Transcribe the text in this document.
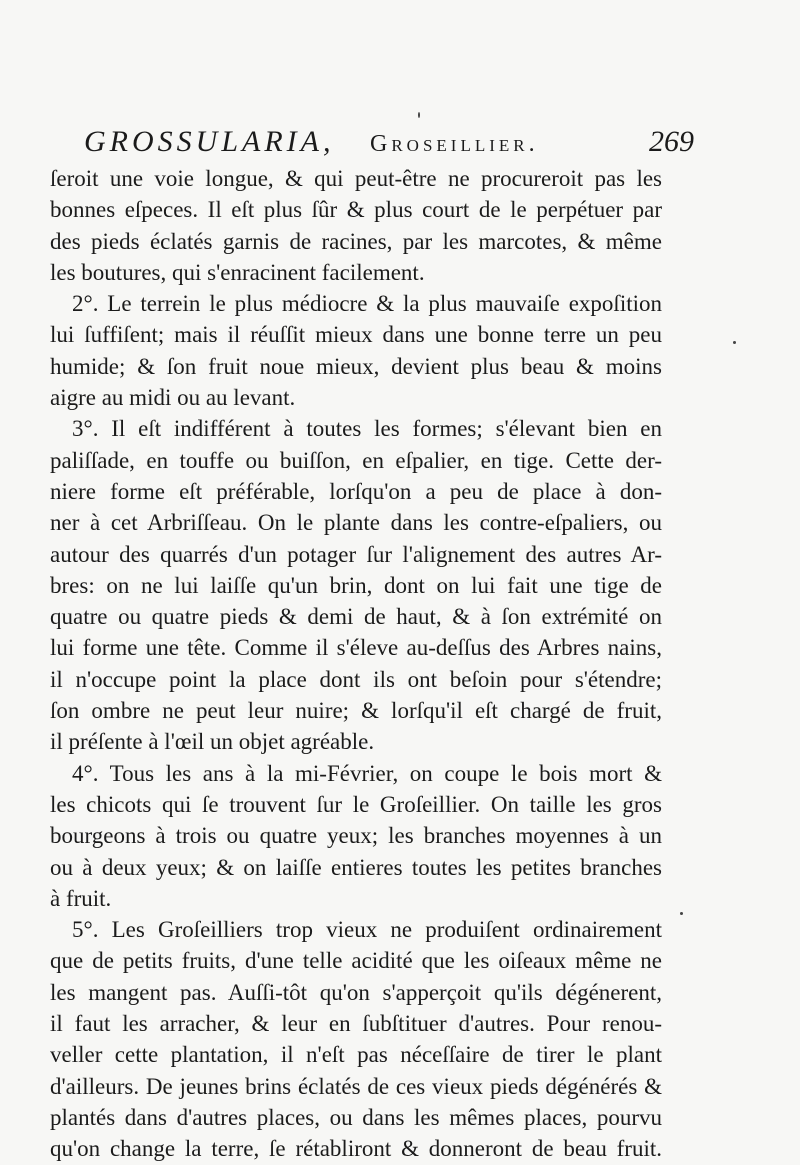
GROSSULARIA, Groseillier.	269
ſeroit une voie longue, & qui peut-être ne procureroit pas les
bonnes eſpeces. Il eſt plus ſûr & plus court de le perpétuer par
des pieds éclatés garnis de racines, par les marcotes, & même
les boutures, qui s'enracinent facilement.
2°. Le terrein le plus médiocre & la plus mauvaiſe expoſition
lui ſuffiſent; mais il réuſſit mieux dans une bonne terre un peu
humide; & ſon fruit noue mieux, devient plus beau & moins
aigre au midi ou au levant.
3°. Il eſt indifférent à toutes les formes; s'élevant bien en
paliſſade, en touffe ou buiſſon, en eſpalier, en tige. Cette der-
niere forme eſt préférable, lorſqu'on a peu de place à don-
ner à cet Arbriſſeau. On le plante dans les contre-eſpaliers, ou
autour des quarrés d'un potager ſur l'alignement des autres Ar-
bres: on ne lui laiſſe qu'un brin, dont on lui fait une tige de
quatre ou quatre pieds & demi de haut, & à ſon extrémité on
lui forme une tête. Comme il s'éleve au-deſſus des Arbres nains,
il n'occupe point la place dont ils ont beſoin pour s'étendre;
ſon ombre ne peut leur nuire; & lorſqu'il eſt chargé de fruit,
il préſente à l'œil un objet agréable.
4°. Tous les ans à la mi-Février, on coupe le bois mort &
les chicots qui ſe trouvent ſur le Groſeillier. On taille les gros
bourgeons à trois ou quatre yeux; les branches moyennes à un
ou à deux yeux; & on laiſſe entieres toutes les petites branches
à fruit.
5°. Les Groſeilliers trop vieux ne produiſent ordinairement
que de petits fruits, d'une telle acidité que les oiſeaux même ne
les mangent pas. Auſſi-tôt qu'on s'apperçoit qu'ils dégénerent,
il faut les arracher, & leur en ſubſtituer d'autres. Pour renou-
veller cette plantation, il n'eſt pas néceſſaire de tirer le plant
d'ailleurs. De jeunes brins éclatés de ces vieux pieds dégénérés &
plantés dans d'autres places, ou dans les mêmes places, pourvu
qu'on change la terre, ſe rétabliront & donneront de beau fruit.
